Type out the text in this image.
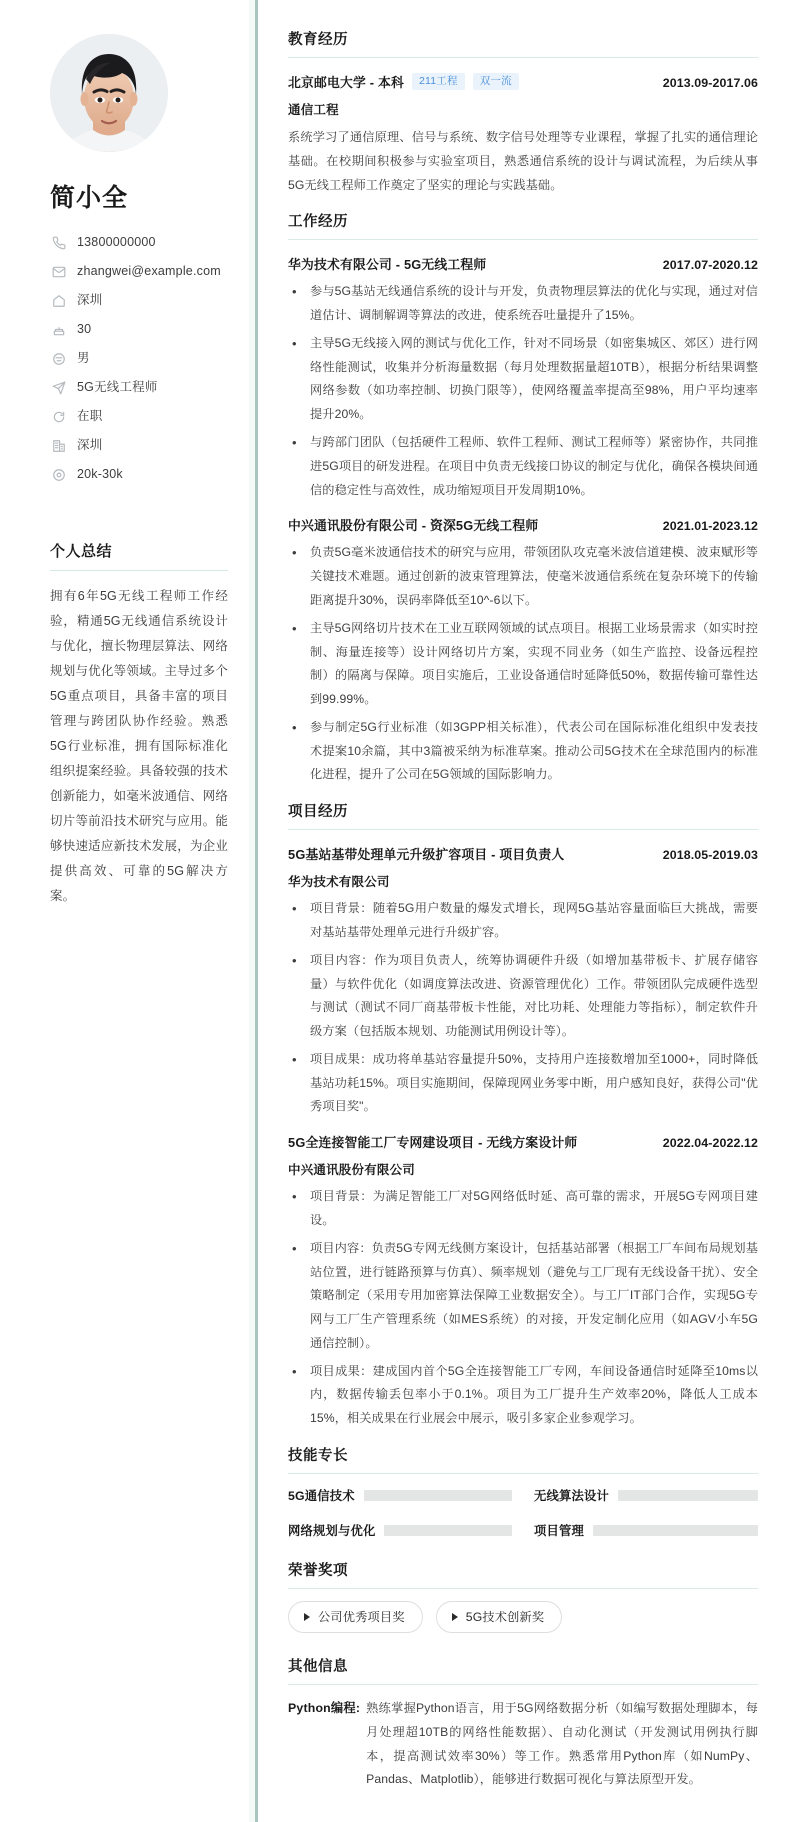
简小全
13800000000
zhangwei@example.com
深圳
30
男
5G无线工程师
在职
深圳
20k-30k
个人总结

拥有6年5G无线工程师工作经验，精通5G无线通信系统设计与优化，擅长物理层算法、网络规划与优化等领域。主导过多个5G重点项目，具备丰富的项目管理与跨团队协作经验。熟悉5G行业标准，拥有国际标准化组织提案经验。具备较强的技术创新能力，如毫米波通信、网络切片等前沿技术研究与应用。能够快速适应新技术发展，为企业提供高效、可靠的5G解决方案。

教育经历
北京邮电大学 - 本科	211工程	双一流	2013.09-2017.06
通信工程

系统学习了通信原理、信号与系统、数字信号处理等专业课程，掌握了扎实的通信理论基础。在校期间积极参与实验室项目，熟悉通信系统的设计与调试流程，为后续从事5G无线工程师工作奠定了坚实的理论与实践基础。

工作经历
华为技术有限公司 - 5G无线工程师	2017.07-2020.12
• 参与5G基站无线通信系统的设计与开发，负责物理层算法的优化与实现，通过对信道估计、调制解调等算法的改进，使系统吞吐量提升了15%。
• 主导5G无线接入网的测试与优化工作，针对不同场景（如密集城区、郊区）进行网络性能测试，收集并分析海量数据（每月处理数据量超10TB），根据分析结果调整网络参数（如功率控制、切换门限等），使网络覆盖率提高至98%，用户平均速率提升20%。
• 与跨部门团队（包括硬件工程师、软件工程师、测试工程师等）紧密协作，共同推进5G项目的研发进程。在项目中负责无线接口协议的制定与优化，确保各模块间通信的稳定性与高效性，成功缩短项目开发周期10%。
中兴通讯股份有限公司 - 资深5G无线工程师	2021.01-2023.12
• 负责5G毫米波通信技术的研究与应用，带领团队攻克毫米波信道建模、波束赋形等关键技术难题。通过创新的波束管理算法，使毫米波通信系统在复杂环境下的传输距离提升30%，误码率降低至10^-6以下。
• 主导5G网络切片技术在工业互联网领域的试点项目。根据工业场景需求（如实时控制、海量连接等）设计网络切片方案，实现不同业务（如生产监控、设备远程控制）的隔离与保障。项目实施后，工业设备通信时延降低50%，数据传输可靠性达到99.99%。
• 参与制定5G行业标准（如3GPP相关标准），代表公司在国际标准化组织中发表技术提案10余篇，其中3篇被采纳为标准草案。推动公司5G技术在全球范围内的标准化进程，提升了公司在5G领域的国际影响力。
项目经历
5G基站基带处理单元升级扩容项目 - 项目负责人	2018.05-2019.03
华为技术有限公司
• 项目背景：随着5G用户数量的爆发式增长，现网5G基站容量面临巨大挑战，需要对基站基带处理单元进行升级扩容。
• 项目内容：作为项目负责人，统筹协调硬件升级（如增加基带板卡、扩展存储容量）与软件优化（如调度算法改进、资源管理优化）工作。带领团队完成硬件选型与测试（测试不同厂商基带板卡性能，对比功耗、处理能力等指标），制定软件升级方案（包括版本规划、功能测试用例设计等）。
• 项目成果：成功将单基站容量提升50%，支持用户连接数增加至1000+，同时降低基站功耗15%。项目实施期间，保障现网业务零中断，用户感知良好，获得公司"优秀项目奖"。
5G全连接智能工厂专网建设项目 - 无线方案设计师	2022.04-2022.12
中兴通讯股份有限公司
• 项目背景：为满足智能工厂对5G网络低时延、高可靠的需求，开展5G专网项目建设。
• 项目内容：负责5G专网无线侧方案设计，包括基站部署（根据工厂车间布局规划基站位置，进行链路预算与仿真）、频率规划（避免与工厂现有无线设备干扰）、安全策略制定（采用专用加密算法保障工业数据安全）。与工厂IT部门合作，实现5G专网与工厂生产管理系统（如MES系统）的对接，开发定制化应用（如AGV小车5G通信控制）。
• 项目成果：建成国内首个5G全连接智能工厂专网，车间设备通信时延降至10ms以内，数据传输丢包率小于0.1%。项目为工厂提升生产效率20%，降低人工成本15%，相关成果在行业展会中展示，吸引多家企业参观学习。
技能专长
5G通信技术	无线算法设计
网络规划与优化	项目管理
荣誉奖项
公司优秀项目奖	5G技术创新奖
其他信息
Python编程: 熟练掌握Python语言，用于5G网络数据分析（如编写数据处理脚本，每月处理超10TB的网络性能数据）、自动化测试（开发测试用例执行脚本，提高测试效率30%）等工作。熟悉常用Python库（如NumPy、Pandas、Matplotlib），能够进行数据可视化与算法原型开发。
